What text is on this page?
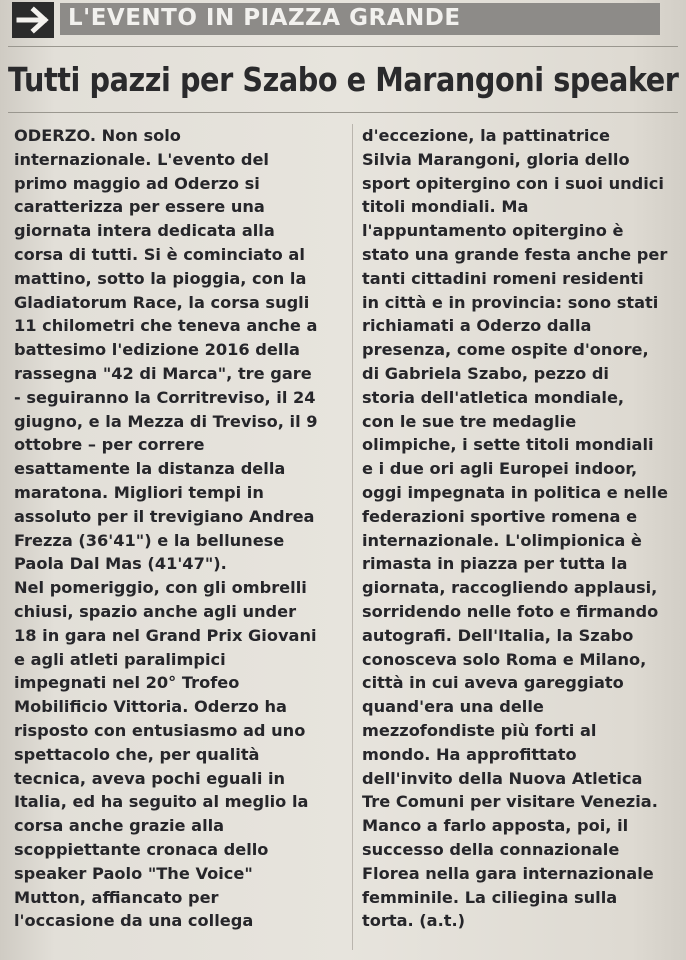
L'EVENTO IN PIAZZA GRANDE
Tutti pazzi per Szabo e Marangoni speaker
ODERZO. Non solo
internazionale. L'evento del
primo maggio ad Oderzo si
caratterizza per essere una
giornata intera dedicata alla
corsa di tutti. Si è cominciato al
mattino, sotto la pioggia, con la
Gladiatorum Race, la corsa sugli
11 chilometri che teneva anche a
battesimo l'edizione 2016 della
rassegna "42 di Marca", tre gare
- seguiranno la Corritreviso, il 24
giugno, e la Mezza di Treviso, il 9
ottobre – per correre
esattamente la distanza della
maratona. Migliori tempi in
assoluto per il trevigiano Andrea
Frezza (36'41") e la bellunese
Paola Dal Mas (41'47").
Nel pomeriggio, con gli ombrelli
chiusi, spazio anche agli under
18 in gara nel Grand Prix Giovani
e agli atleti paralimpici
impegnati nel 20° Trofeo
Mobilificio Vittoria. Oderzo ha
risposto con entusiasmo ad uno
spettacolo che, per qualità
tecnica, aveva pochi eguali in
Italia, ed ha seguito al meglio la
corsa anche grazie alla
scoppiettante cronaca dello
speaker Paolo "The Voice"
Mutton, affiancato per
l'occasione da una collega
d'eccezione, la pattinatrice
Silvia Marangoni, gloria dello
sport opitergino con i suoi undici
titoli mondiali. Ma
l'appuntamento opitergino è
stato una grande festa anche per
tanti cittadini romeni residenti
in città e in provincia: sono stati
richiamati a Oderzo dalla
presenza, come ospite d'onore,
di Gabriela Szabo, pezzo di
storia dell'atletica mondiale,
con le sue tre medaglie
olimpiche, i sette titoli mondiali
e i due ori agli Europei indoor,
oggi impegnata in politica e nelle
federazioni sportive romena e
internazionale. L'olimpionica è
rimasta in piazza per tutta la
giornata, raccogliendo applausi,
sorridendo nelle foto e firmando
autografi. Dell'Italia, la Szabo
conosceva solo Roma e Milano,
città in cui aveva gareggiato
quand'era una delle
mezzofondiste più forti al
mondo. Ha approfittato
dell'invito della Nuova Atletica
Tre Comuni per visitare Venezia.
Manco a farlo apposta, poi, il
successo della connazionale
Florea nella gara internazionale
femminile. La ciliegina sulla
torta. (a.t.)
